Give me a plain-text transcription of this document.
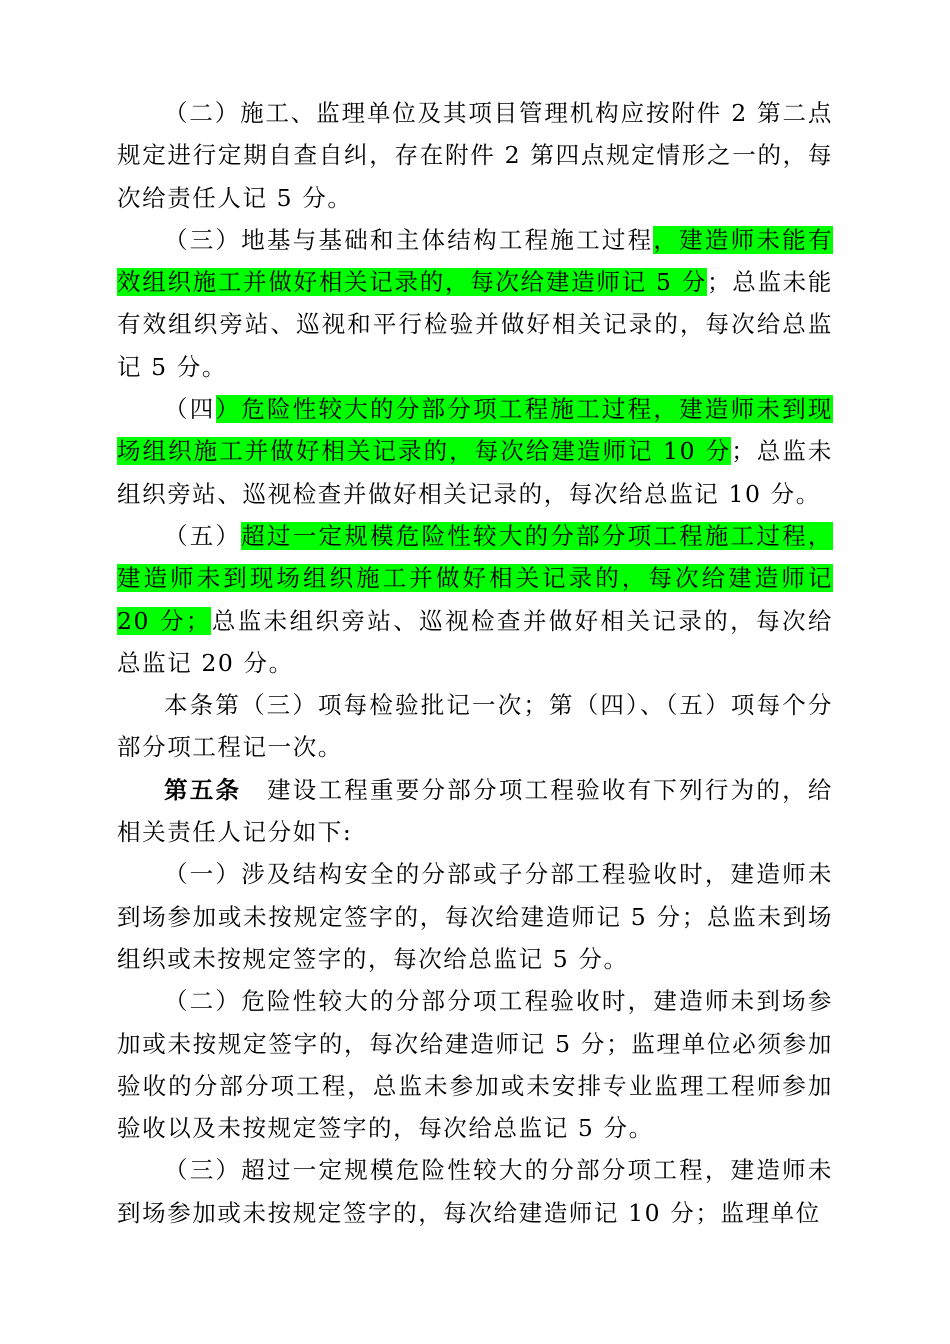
（二）施工、监理单位及其项目管理机构应按附件 2 第二点规定进行定期自查自纠，存在附件 2 第四点规定情形之一的，每次给责任人记 5 分。

（三）地基与基础和主体结构工程施工过程，建造师未能有效组织施工并做好相关记录的，每次给建造师记 5 分；总监未能有效组织旁站、巡视和平行检验并做好相关记录的，每次给总监记 5 分。

（四）危险性较大的分部分项工程施工过程，建造师未到现场组织施工并做好相关记录的，每次给建造师记 10 分；总监未组织旁站、巡视检查并做好相关记录的，每次给总监记 10 分。

（五）超过一定规模危险性较大的分部分项工程施工过程，建造师未到现场组织施工并做好相关记录的，每次给建造师记 20 分；总监未组织旁站、巡视检查并做好相关记录的，每次给总监记 20 分。

本条第（三）项每检验批记一次；第（四）、（五）项每个分部分项工程记一次。

第五条　建设工程重要分部分项工程验收有下列行为的，给相关责任人记分如下:

（一）涉及结构安全的分部或子分部工程验收时，建造师未到场参加或未按规定签字的，每次给建造师记 5 分；总监未到场组织或未按规定签字的，每次给总监记 5 分。

（二）危险性较大的分部分项工程验收时，建造师未到场参加或未按规定签字的，每次给建造师记 5 分；监理单位必须参加验收的分部分项工程，总监未参加或未安排专业监理工程师参加验收以及未按规定签字的，每次给总监记 5 分。

（三）超过一定规模危险性较大的分部分项工程，建造师未到场参加或未按规定签字的，每次给建造师记 10 分；监理单位
